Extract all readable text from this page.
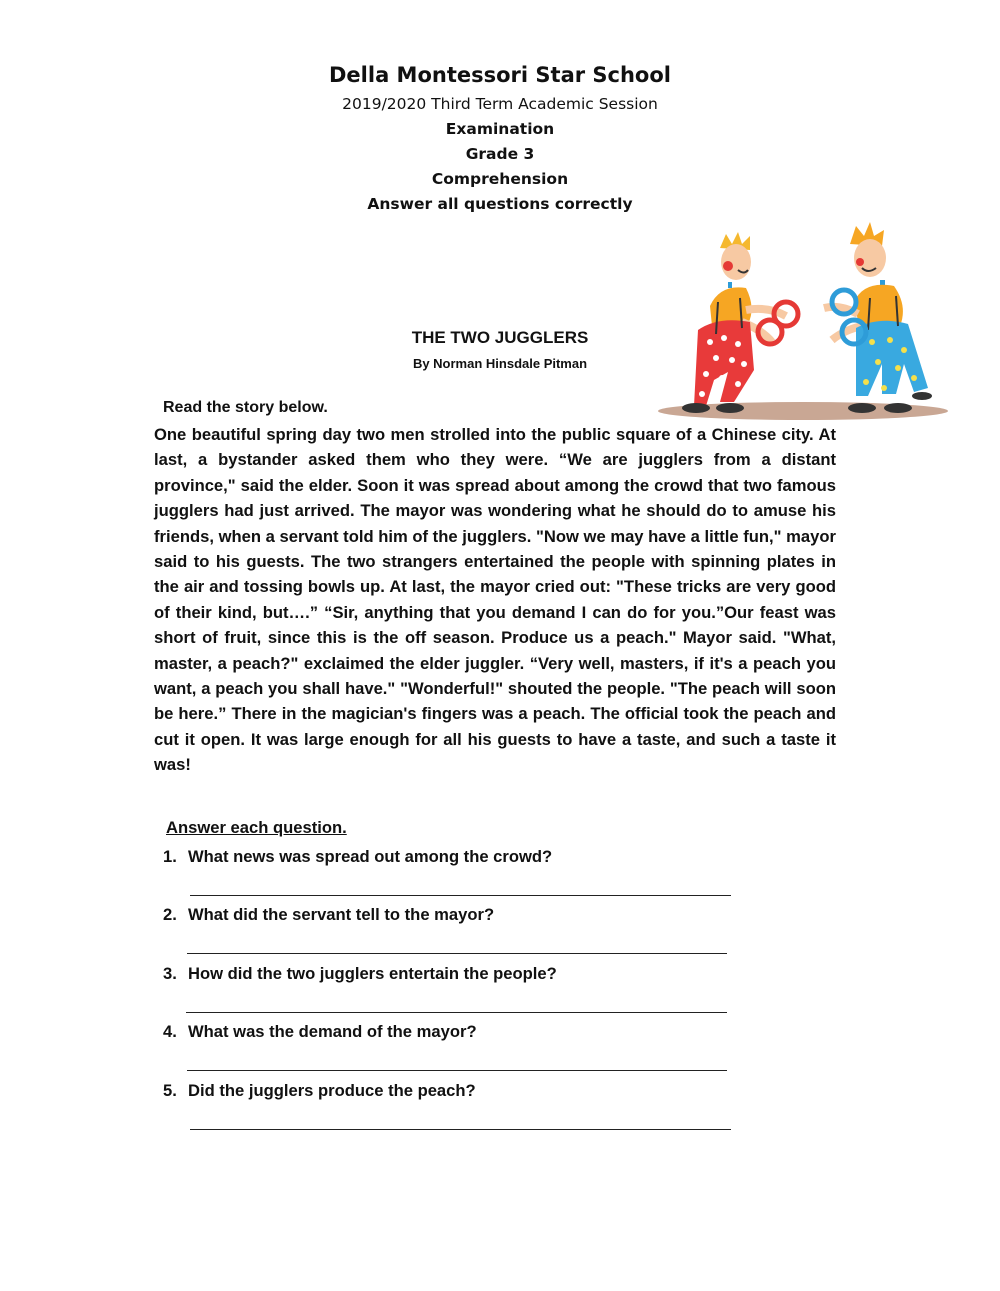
Della Montessori Star School
2019/2020 Third Term Academic Session
Examination
Grade 3
Comprehension
Answer all questions correctly
THE TWO JUGGLERS
By Norman Hinsdale Pitman
Read the story below.

One beautiful spring day two men strolled into the public square of a Chinese city. At last, a bystander asked them who they were. “We are jugglers from a distant province," said the elder. Soon it was spread about among the crowd that two famous jugglers had just arrived. The mayor was wondering what he should do to amuse his friends, when a servant told him of the jugglers. "Now we may have a little fun," mayor said to his guests. The two strangers entertained the people with spinning plates in the air and tossing bowls up. At last, the mayor cried out: "These tricks are very good of their kind, but….” “Sir, anything that you demand I can do for you.”Our feast was short of fruit, since this is the off season. Produce us a peach." Mayor said. "What, master, a peach?" exclaimed the elder juggler. “Very well, masters, if it's a peach you want, a peach you shall have." "Wonderful!" shouted the people. "The peach will soon be here.” There in the magician's fingers was a peach. The official took the peach and cut it open. It was large enough for all his guests to have a taste, and such a taste it was!

Answer each question.
1. What news was spread out among the crowd?
2. What did the servant tell to the mayor?
3. How did the two jugglers entertain the people?
4. What was the demand of the mayor?
5. Did the jugglers produce the peach?
